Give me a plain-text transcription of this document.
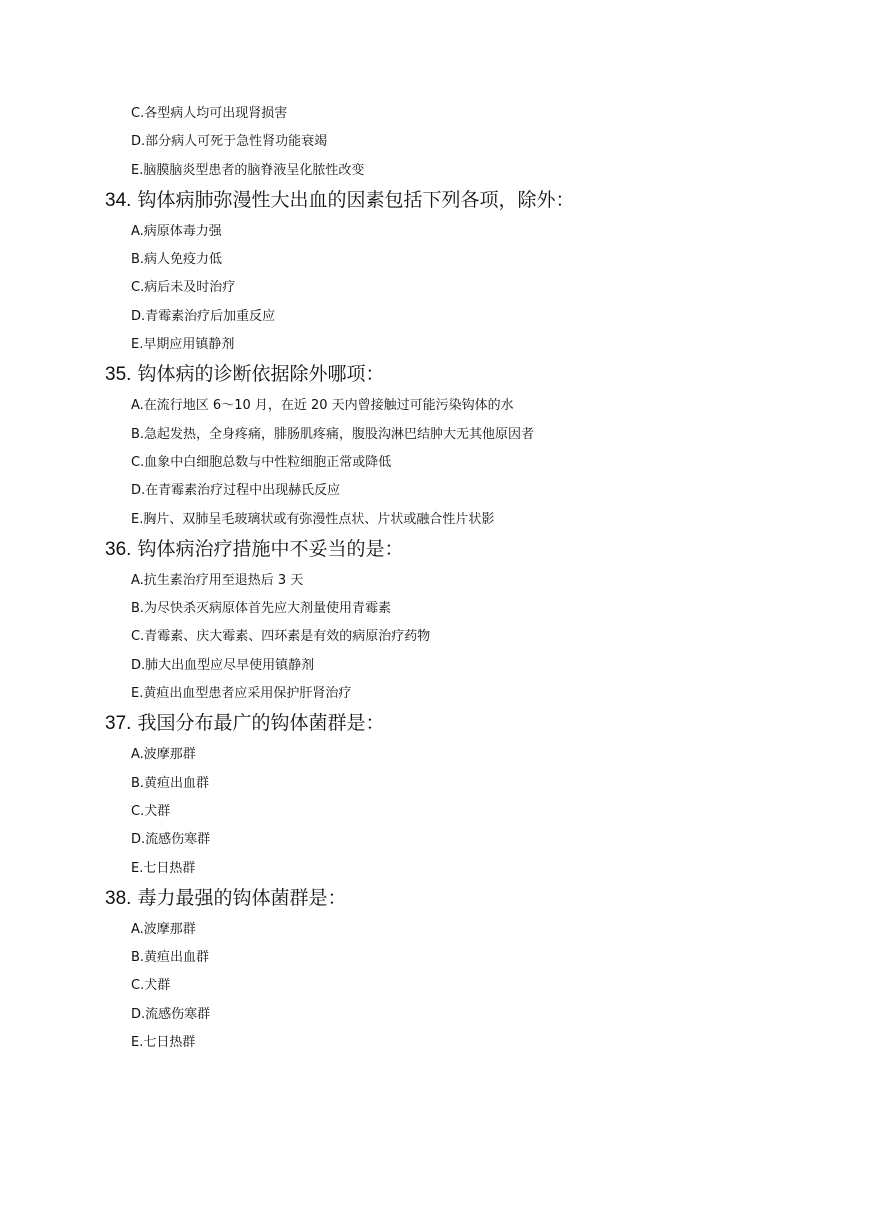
C.各型病人均可出现肾损害
D.部分病人可死于急性肾功能衰竭
E.脑膜脑炎型患者的脑脊液呈化脓性改变
34. 钩体病肺弥漫性大出血的因素包括下列各项，除外：
A.病原体毒力强
B.病人免疫力低
C.病后未及时治疗
D.青霉素治疗后加重反应
E.早期应用镇静剂
35. 钩体病的诊断依据除外哪项：
A.在流行地区 6～10 月，在近 20 天内曾接触过可能污染钩体的水
B.急起发热，全身疼痛，腓肠肌疼痛，腹股沟淋巴结肿大无其他原因者
C.血象中白细胞总数与中性粒细胞正常或降低
D.在青霉素治疗过程中出现赫氏反应
E.胸片、双肺呈毛玻璃状或有弥漫性点状、片状或融合性片状影
36. 钩体病治疗措施中不妥当的是：
A.抗生素治疗用至退热后 3 天
B.为尽快杀灭病原体首先应大剂量使用青霉素
C.青霉素、庆大霉素、四环素是有效的病原治疗药物
D.肺大出血型应尽早使用镇静剂
E.黄疸出血型患者应采用保护肝肾治疗
37. 我国分布最广的钩体菌群是：
A.波摩那群
B.黄疸出血群
C.犬群
D.流感伤寒群
E.七日热群
38. 毒力最强的钩体菌群是：
A.波摩那群
B.黄疸出血群
C.犬群
D.流感伤寒群
E.七日热群
